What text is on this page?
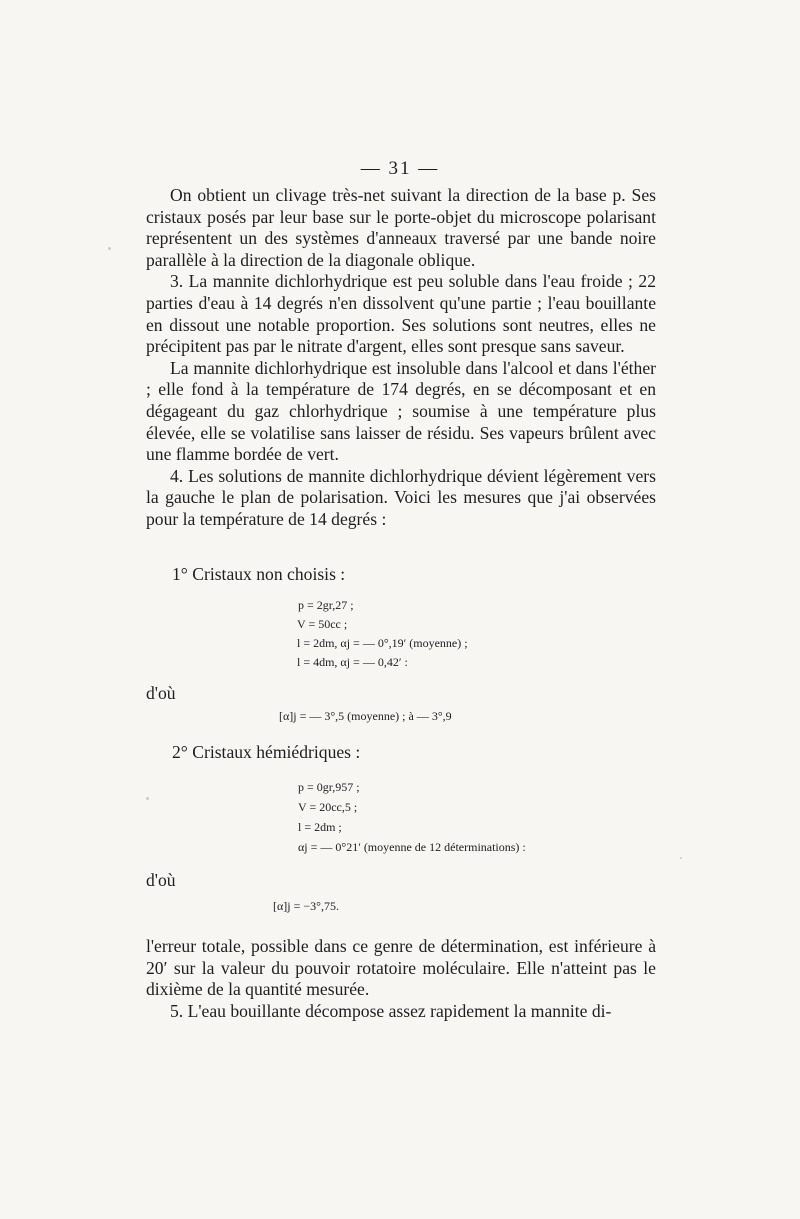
— 31 —

On obtient un clivage très-net suivant la direction de la base p. Ses cristaux posés par leur base sur le porte-objet du microscope polarisant représentent un des systèmes d'anneaux traversé par une bande noire parallèle à la direction de la diagonale oblique.

3. La mannite dichlorhydrique est peu soluble dans l'eau froide ; 22 parties d'eau à 14 degrés n'en dissolvent qu'une partie ; l'eau bouillante en dissout une notable proportion. Ses solutions sont neutres, elles ne précipitent pas par le nitrate d'argent, elles sont presque sans saveur.

La mannite dichlorhydrique est insoluble dans l'alcool et dans l'éther ; elle fond à la température de 174 degrés, en se décomposant et en dégageant du gaz chlorhydrique ; soumise à une température plus élevée, elle se volatilise sans laisser de résidu. Ses vapeurs brûlent avec une flamme bordée de vert.

4. Les solutions de mannite dichlorhydrique dévient légèrement vers la gauche le plan de polarisation. Voici les mesures que j'ai observées pour la température de 14 degrés :

1° Cristaux non choisis :
p = 2gr,27 ;
V = 50cc ;
l = 2dm, αj = — 0°,19′ (moyenne) ;
l = 4dm, αj = — 0,42′ :
d'où
[α]j = — 3°,5 (moyenne) ; à — 3°,9
2° Cristaux hémiédriques :
p = 0gr,957 ;
V = 20cc,5 ;
l = 2dm ;
αj = — 0°21′ (moyenne de 12 déterminations) :
d'où
[α]j = −3°,75.

l'erreur totale, possible dans ce genre de détermination, est inférieure à 20′ sur la valeur du pouvoir rotatoire moléculaire. Elle n'atteint pas le dixième de la quantité mesurée.

5. L'eau bouillante décompose assez rapidement la mannite di-
